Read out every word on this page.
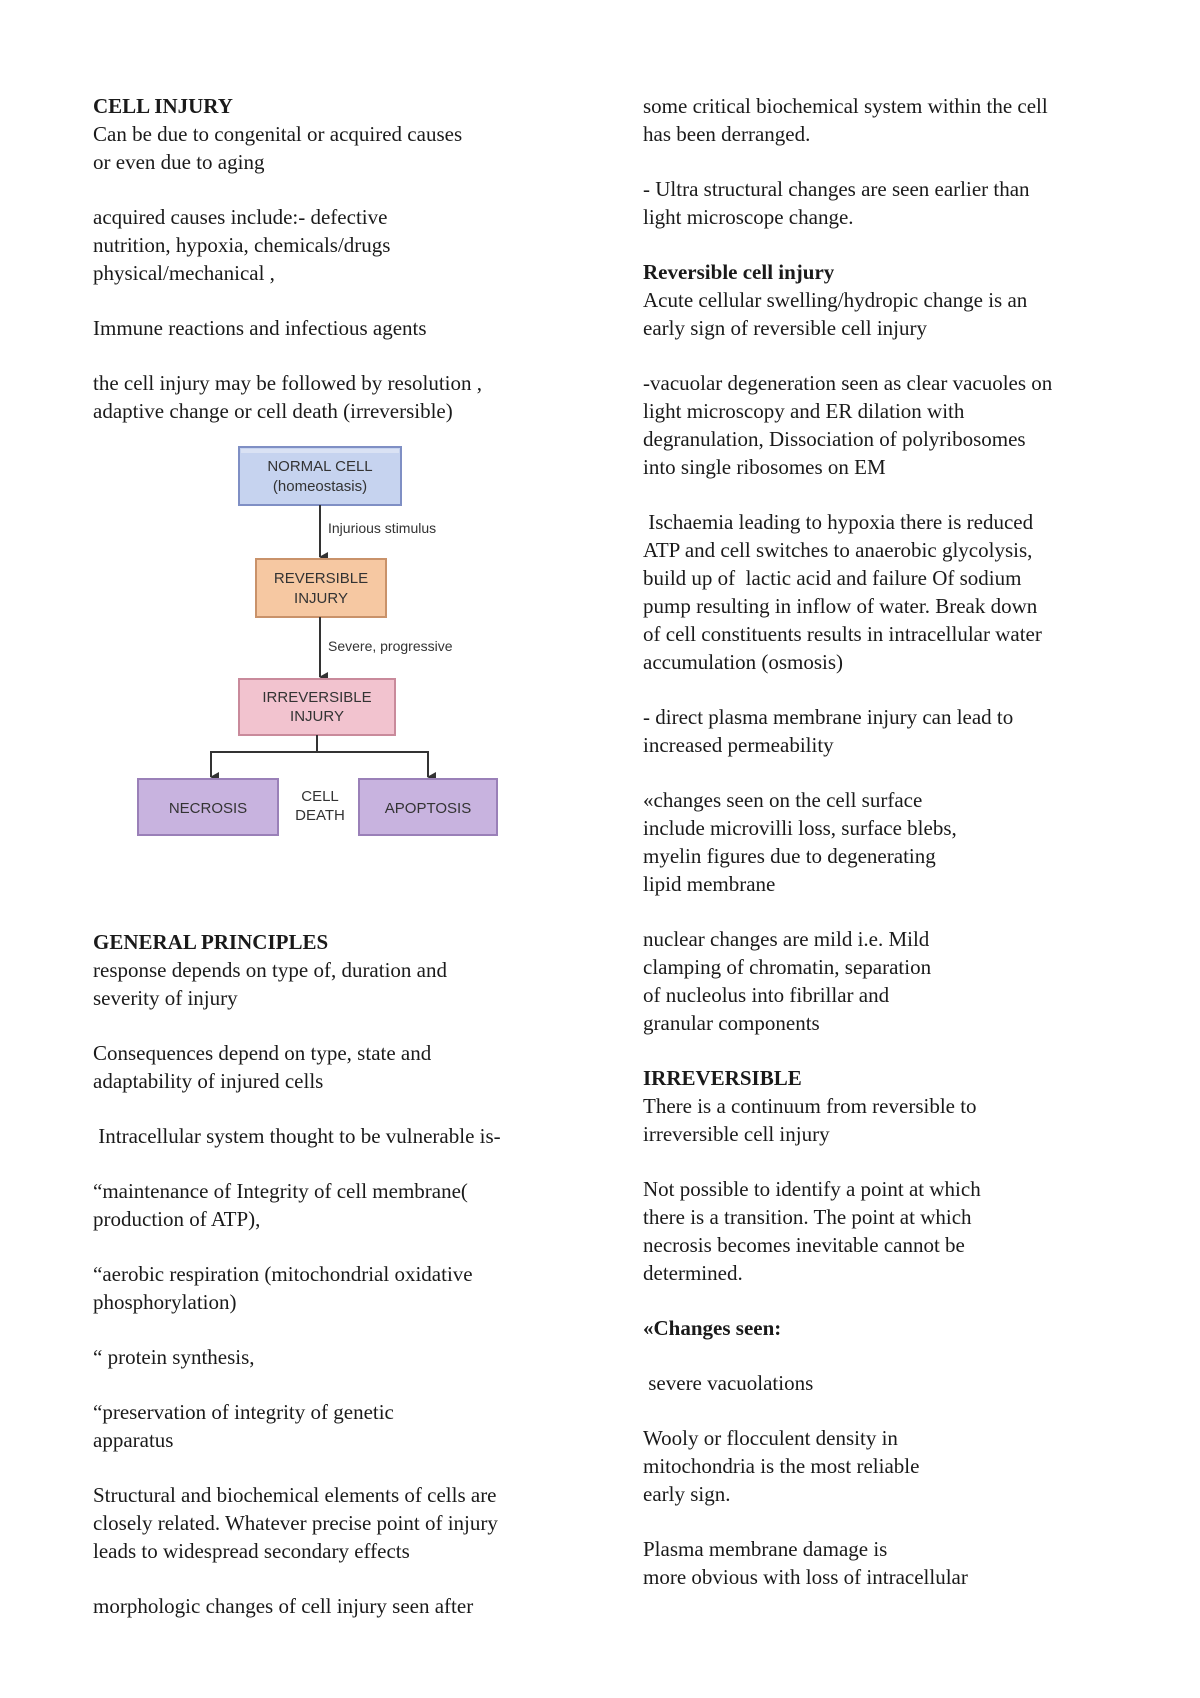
CELL INJURY
Can be due to congenital or acquired causes
or even due to aging
acquired causes include:- defective
nutrition, hypoxia, chemicals/drugs
physical/mechanical ,
Immune reactions and infectious agents
the cell injury may be followed by resolution ,
adaptive change or cell death (irreversible)
NORMAL CELL
(homeostasis)
Injurious stimulus
REVERSIBLE
INJURY
Severe, progressive
IRREVERSIBLE
INJURY
NECROSIS
CELL
DEATH	APOPTOSIS
GENERAL PRINCIPLES
response depends on type of, duration and
severity of injury
Consequences depend on type, state and
adaptability of injured cells
Intracellular system thought to be vulnerable is-
“maintenance of Integrity of cell membrane(
production of ATP),
“aerobic respiration (mitochondrial oxidative
phosphorylation)
“ protein synthesis,
“preservation of integrity of genetic
apparatus
Structural and biochemical elements of cells are
closely related. Whatever precise point of injury
leads to widespread secondary effects
morphologic changes of cell injury seen after
some critical biochemical system within the cell
has been derranged.
- Ultra structural changes are seen earlier than
light microscope change.
Reversible cell injury
Acute cellular swelling/hydropic change is an
early sign of reversible cell injury
-vacuolar degeneration seen as clear vacuoles on
light microscopy and ER dilation with
degranulation, Dissociation of polyribosomes
into single ribosomes on EM
Ischaemia leading to hypoxia there is reduced
ATP and cell switches to anaerobic glycolysis,
build up of  lactic acid and failure Of sodium
pump resulting in inflow of water. Break down
of cell constituents results in intracellular water
accumulation (osmosis)
- direct plasma membrane injury can lead to
increased permeability
«changes seen on the cell surface
include microvilli loss, surface blebs,
myelin figures due to degenerating
lipid membrane
nuclear changes are mild i.e. Mild
clamping of chromatin, separation
of nucleolus into fibrillar and
granular components
IRREVERSIBLE
There is a continuum from reversible to
irreversible cell injury
Not possible to identify a point at which
there is a transition. The point at which
necrosis becomes inevitable cannot be
determined.
«Changes seen:
severe vacuolations
Wooly or flocculent density in
mitochondria is the most reliable
early sign.
Plasma membrane damage is
more obvious with loss of intracellular
